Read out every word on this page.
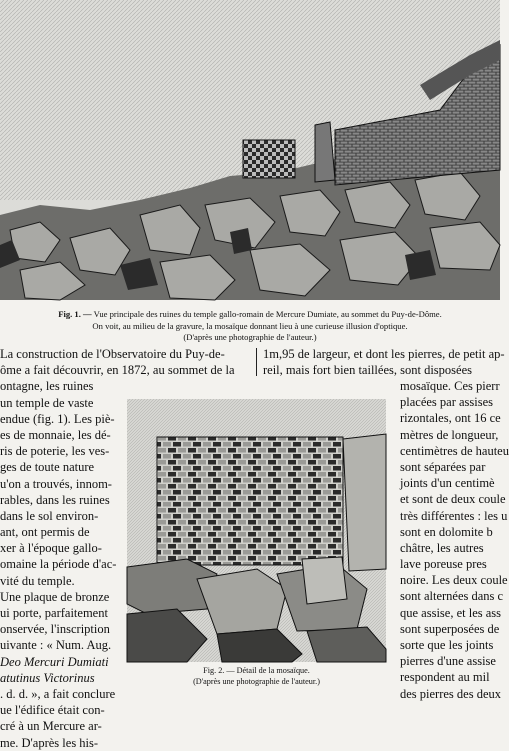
Fig. 1. — Vue principale des ruines du temple gallo-romain de Mercure Dumiate, au sommet du Puy-de-Dôme.
On voit, au milieu de la gravure, la mosaïque donnant lieu à une curieuse illusion d'optique.
(D'après une photographie de l'auteur.)
La construction de l'Observatoire du Puy-de-
ôme a fait découvrir, en 1872, au sommet de la
ontagne, les ruines
un temple de vaste
endue (fig. 1). Les piè-
es de monnaie, les dé-
ris de poterie, les ves-
ges de toute nature
u'on a trouvés, innom-
rables, dans les ruines
dans le sol environ-
ant, ont permis de
xer à l'époque gallo-
omaine la période d'ac-
vité du temple.
Une plaque de bronze
ui porte, parfaitement
onservée, l'inscription
uivante : « Num. Aug.
Deo Mercuri Dumiati
atutinus Victorinus
. d. d. », a fait conclure
ue l'édifice était con-
cré à un Mercure ar-
me. D'après les his-
1m,95 de largeur, et dont les pierres, de petit ap-
reil, mais fort bien taillées, sont disposées
mosaïque. Ces pierr
placées par assises
rizontales, ont 16 ce
mètres de longueur,
centimètres de hauteu
sont séparées par
joints d'un centimè
et sont de deux coule
très différentes : les u
sont en dolomite b
châtre, les autres
lave poreuse pres
noire. Les deux coule
sont alternées dans c
que assise, et les ass
sont superposées de
sorte que les joints
pierres d'une assise
respondent au mil
des pierres des deux
Fig. 2. — Détail de la mosaïque.
(D'après une photographie de l'auteur.)
